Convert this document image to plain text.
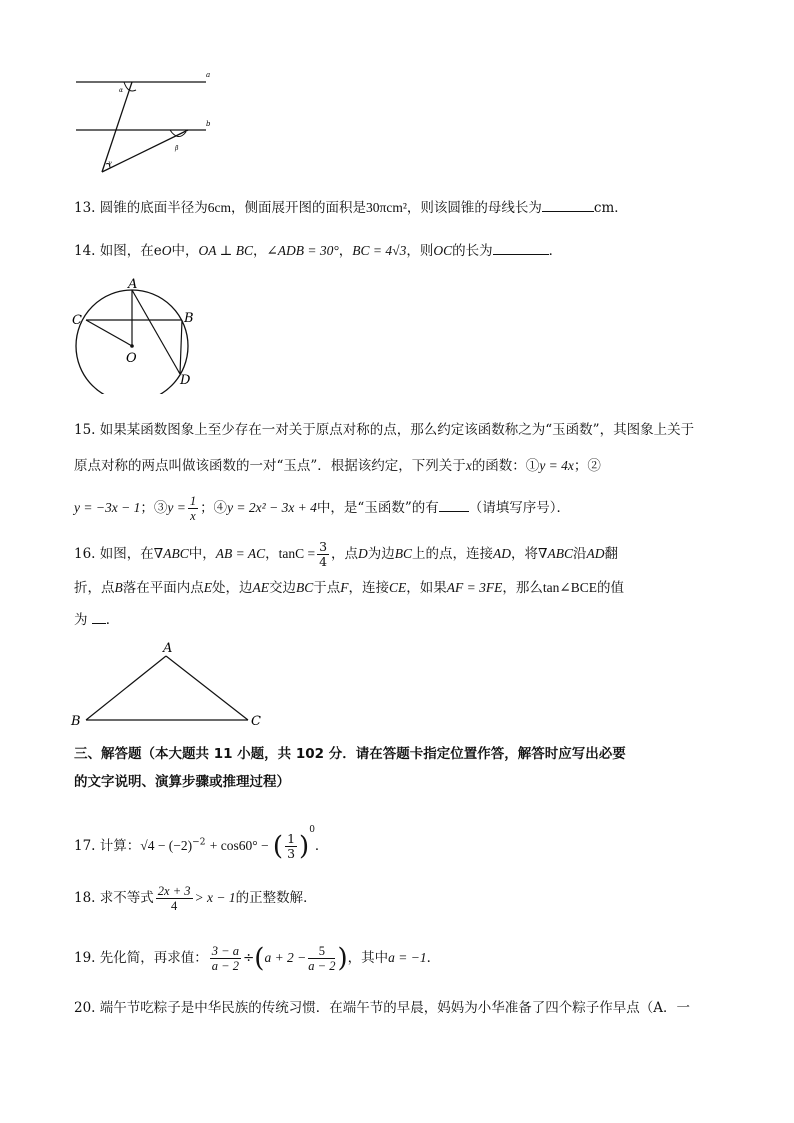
a
b
α
β
γ
13. 圆锥的底面半径为6cm，侧面展开图的面积是30πcm²，则该圆锥的母线长为	cm．
14. 如图，在eO中，OA ⊥ BC，∠ADB = 30°，BC = 4√3，则OC的长为	．
A
C	B
O
D
15. 如果某函数图象上至少存在一对关于原点对称的点，那么约定该函数称之为“玉函数”，其图象上关于
原点对称的两点叫做该函数的一对“玉点”．根据该约定，下列关于x的函数：①y = 4x；②
y = −3x − 1；③y = $\frac{1}{x}$ ；④y = 2x² − 3x + 4中，是“玉函数”的有 （请填写序号）．
16. 如图，在∇ABC中，AB = AC，$\tan C = \frac{3}{4}$ ，点D为边BC上的点，连接AD，将∇ABC沿AD翻
折，点B落在平面内点E处，边AE交边BC于点F，连接CE，如果AF = 3FE，那么tan∠BCE的值
为 ．
A
B	C
三、解答题（本大题共 11 小题，共 102 分．请在答题卡指定位置作答，解答时应写出必要
的文字说明、演算步骤或推理过程）
17. 计算：$√4 - (-2)^{-2} + \cos 60^\circ$ − ( $\frac{1}{3} )^0$．
18. 求不等式 $\frac{2x + 3}{4} > x - 1$的正整数解．
19. 先化简，再求值： $\frac{3 - a}{a - 2} \div(a + 2 - \frac{5}{a - 2}$ )，其中a = −1．
20. 端午节吃粽子是中华民族的传统习惯．在端午节的早晨，妈妈为小华准备了四个粽子作早点（A．一
